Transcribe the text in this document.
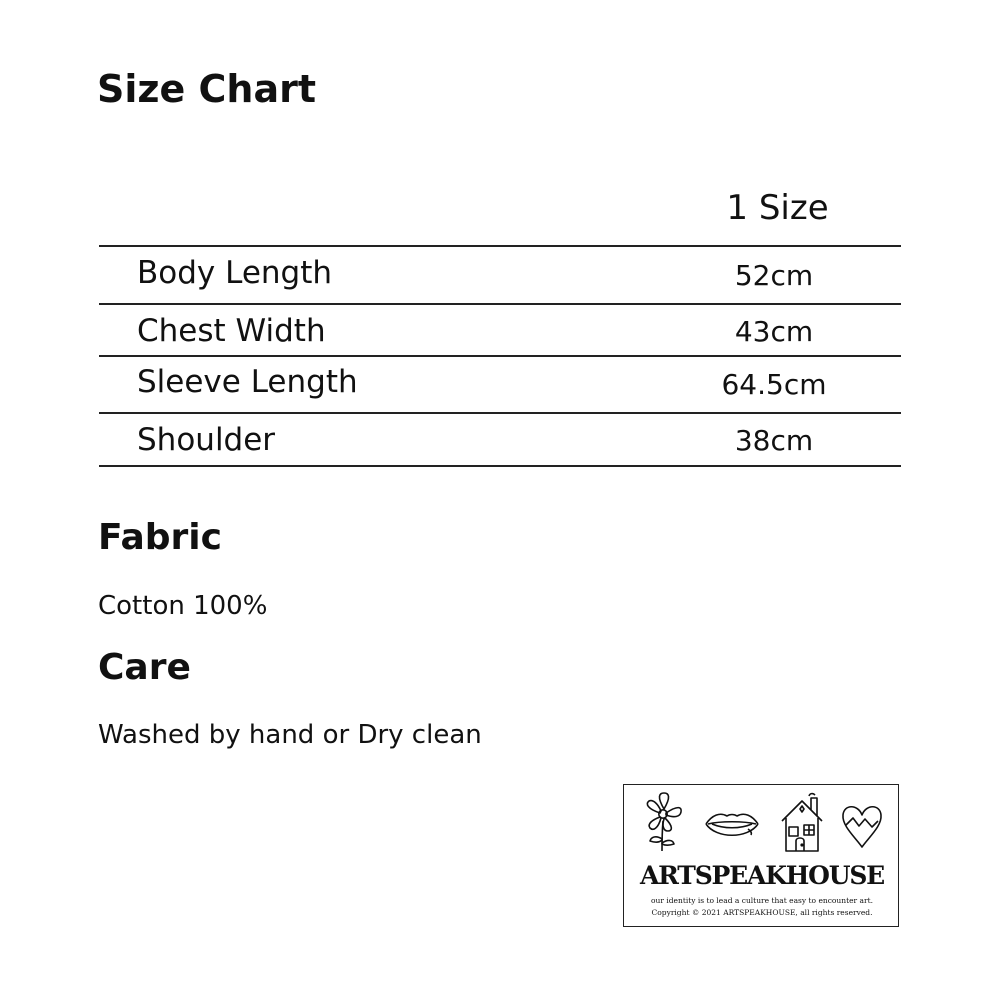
Size Chart
1 Size
Body Length	52cm
Chest Width	43cm
Sleeve Length	64.5cm
Shoulder	38cm
Fabric
Cotton 100%
Care
Washed by hand or Dry clean
ARTSPEAKHOUSE
our identity is to lead a culture that easy to encounter art.
Copyright © 2021 ARTSPEAKHOUSE, all rights reserved.
